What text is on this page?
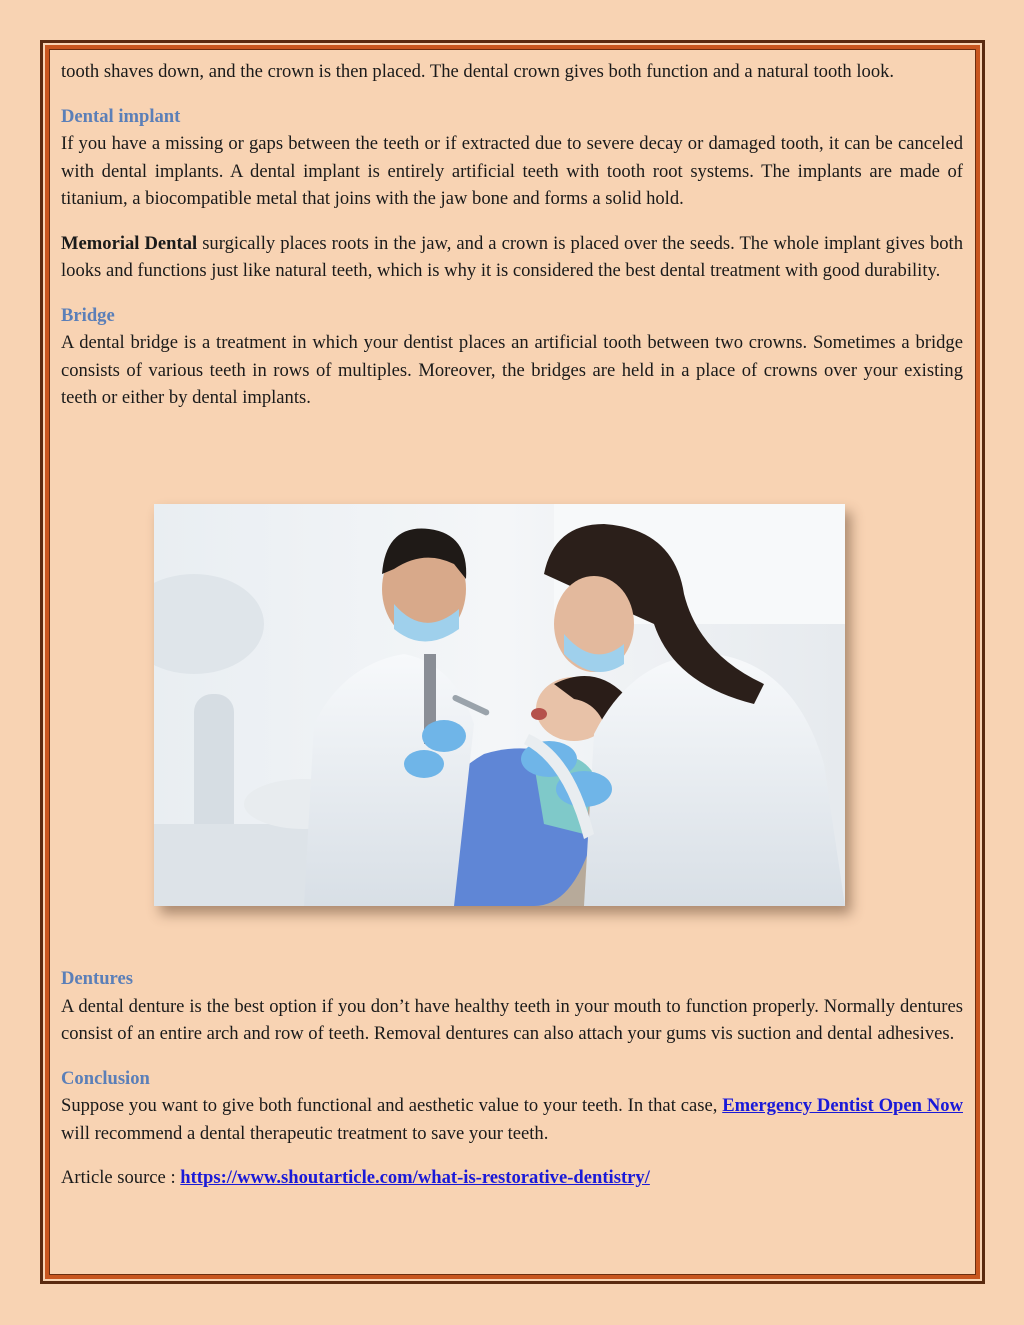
tooth shaves down, and the crown is then placed. The dental crown gives both function and a natural tooth look.

Dental implant
If you have a missing or gaps between the teeth or if extracted due to severe decay or damaged tooth, it can be canceled with dental implants. A dental implant is entirely artificial teeth with tooth root systems. The implants are made of titanium, a biocompatible metal that joins with the jaw bone and forms a solid hold.

Memorial Dental surgically places roots in the jaw, and a crown is placed over the seeds. The whole implant gives both looks and functions just like natural teeth, which is why it is considered the best dental treatment with good durability.

Bridge
A dental bridge is a treatment in which your dentist places an artificial tooth between two crowns. Sometimes a bridge consists of various teeth in rows of multiples. Moreover, the bridges are held in a place of crowns over your existing teeth or either by dental implants.

Dentures
A dental denture is the best option if you don’t have healthy teeth in your mouth to function properly. Normally dentures consist of an entire arch and row of teeth. Removal dentures can also attach your gums vis suction and dental adhesives.

Conclusion
Suppose you want to give both functional and aesthetic value to your teeth. In that case, Emergency Dentist Open Now will recommend a dental therapeutic treatment to save your teeth.

Article source : https://www.shoutarticle.com/what-is-restorative-dentistry/
